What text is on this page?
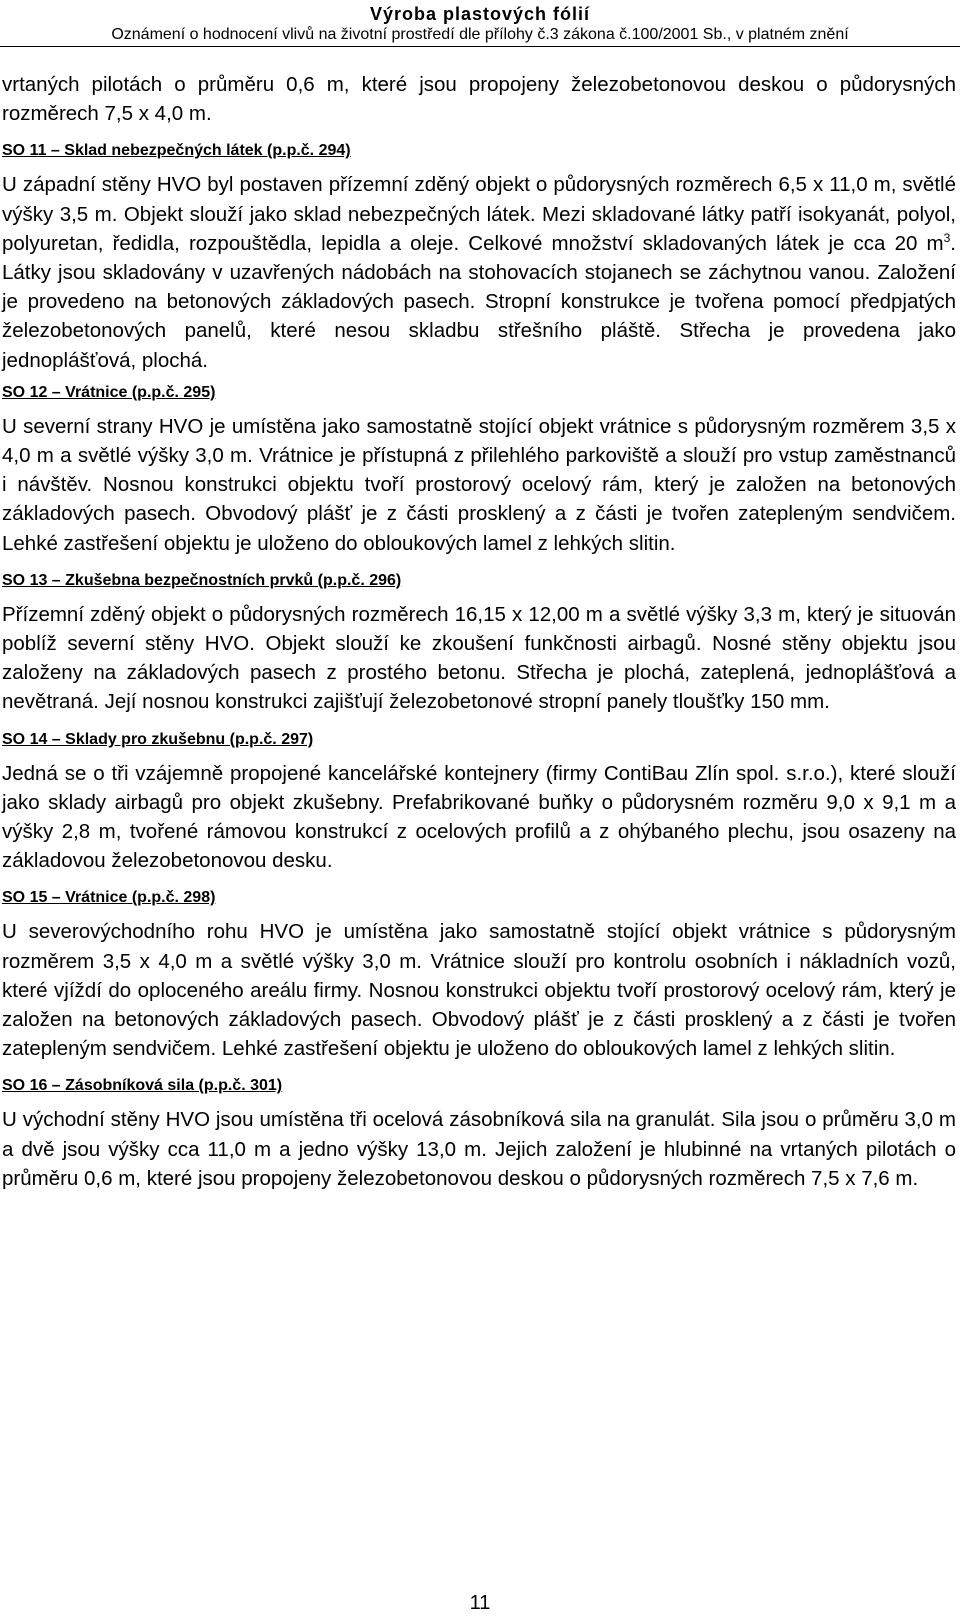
Výroba plastových fólií
Oznámení o hodnocení vlivů na životní prostředí dle přílohy č.3 zákona č.100/2001 Sb., v platném znění

vrtaných pilotách o průměru 0,6 m, které jsou propojeny železobetonovou deskou o půdorysných rozměrech 7,5 x 4,0 m.

SO 11 – Sklad nebezpečných látek (p.p.č. 294)

U západní stěny HVO byl postaven přízemní zděný objekt o půdorysných rozměrech 6,5 x 11,0 m, světlé výšky 3,5 m. Objekt slouží jako sklad nebezpečných látek. Mezi skladované látky patří isokyanát, polyol, polyuretan, ředidla, rozpouštědla, lepidla a oleje. Celkové množství skladovaných látek je cca 20 $m^3$. Látky jsou skladovány v uzavřených nádobách na stohovacích stojanech se záchytnou vanou. Založení je provedeno na betonových základových pasech. Stropní konstrukce je tvořena pomocí předpjatých železobetonových panelů, které nesou skladbu střešního pláště. Střecha je provedena jako jednoplášťová, plochá.

SO 12 – Vrátnice (p.p.č. 295)

U severní strany HVO je umístěna jako samostatně stojící objekt vrátnice s půdorysným rozměrem 3,5 x 4,0 m a světlé výšky 3,0 m. Vrátnice je přístupná z přilehlého parkoviště a slouží pro vstup zaměstnanců i návštěv. Nosnou konstrukci objektu tvoří prostorový ocelový rám, který je založen na betonových základových pasech. Obvodový plášť je z části prosklený a z části je tvořen zatepleným sendvičem. Lehké zastřešení objektu je uloženo do obloukových lamel z lehkých slitin.

SO 13 – Zkušebna bezpečnostních prvků (p.p.č. 296)

Přízemní zděný objekt o půdorysných rozměrech 16,15 x 12,00 m a světlé výšky 3,3 m, který je situován poblíž severní stěny HVO. Objekt slouží ke zkoušení funkčnosti airbagů. Nosné stěny objektu jsou založeny na základových pasech z prostého betonu. Střecha je plochá, zateplená, jednoplášťová a nevětraná. Její nosnou konstrukci zajišťují železobetonové stropní panely tloušťky 150 mm.

SO 14 – Sklady pro zkušebnu (p.p.č. 297)

Jedná se o tři vzájemně propojené kancelářské kontejnery (firmy ContiBau Zlín spol. s.r.o.), které slouží jako sklady airbagů pro objekt zkušebny. Prefabrikované buňky o půdorysném rozměru 9,0 x 9,1 m a výšky 2,8 m, tvořené rámovou konstrukcí z ocelových profilů a z ohýbaného plechu, jsou osazeny na základovou železobetonovou desku.

SO 15 – Vrátnice (p.p.č. 298)

U severovýchodního rohu HVO je umístěna jako samostatně stojící objekt vrátnice s půdorysným rozměrem 3,5 x 4,0 m a světlé výšky 3,0 m. Vrátnice slouží pro kontrolu osobních i nákladních vozů, které vjíždí do oploceného areálu firmy. Nosnou konstrukci objektu tvoří prostorový ocelový rám, který je založen na betonových základových pasech. Obvodový plášť je z části prosklený a z části je tvořen zatepleným sendvičem. Lehké zastřešení objektu je uloženo do obloukových lamel z lehkých slitin.

SO 16 – Zásobníková sila (p.p.č. 301)

U východní stěny HVO jsou umístěna tři ocelová zásobníková sila na granulát. Sila jsou o průměru 3,0 m a dvě jsou výšky cca 11,0 m a jedno výšky 13,0 m. Jejich založení je hlubinné na vrtaných pilotách o průměru 0,6 m, které jsou propojeny železobetonovou deskou o půdorysných rozměrech 7,5 x 7,6 m.

11
